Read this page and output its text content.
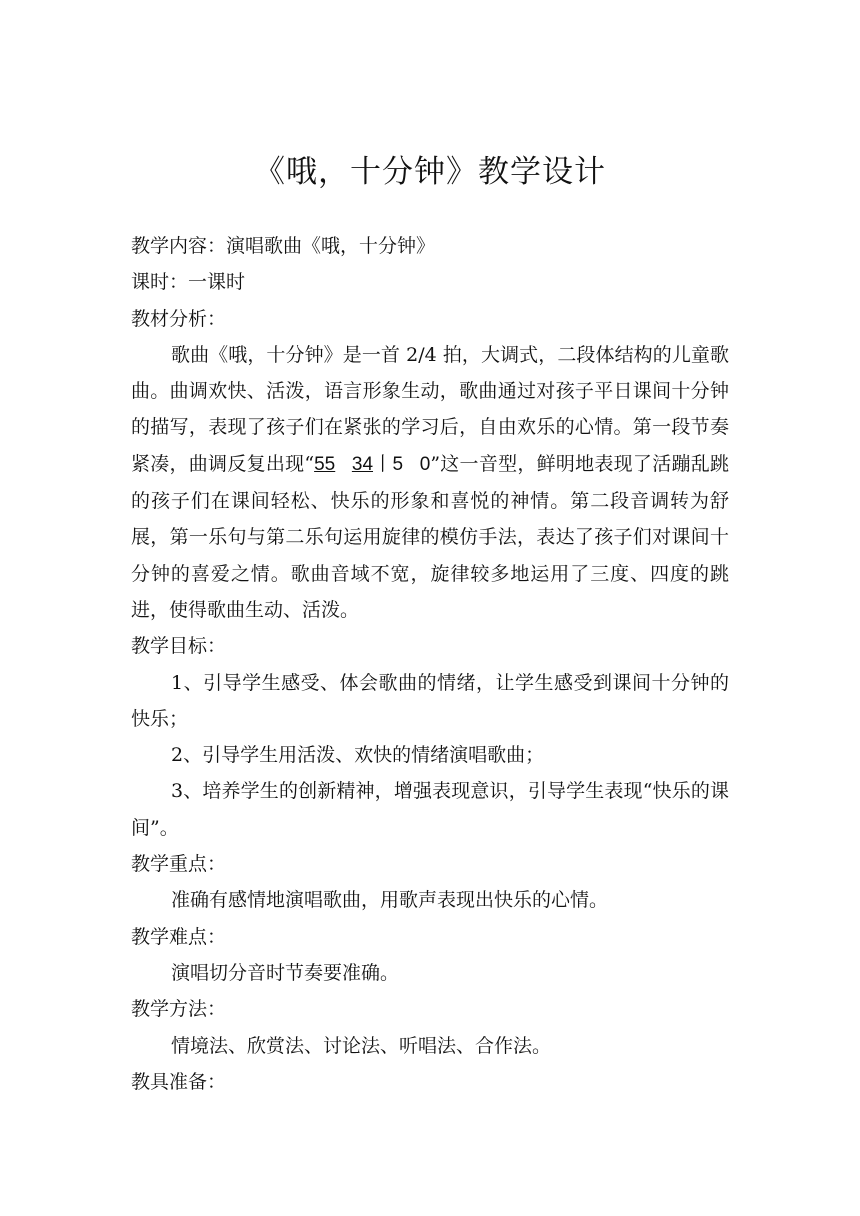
《哦，十分钟》教学设计

教学内容：演唱歌曲《哦，十分钟》

课时：一课时

教材分析：

歌曲《哦，十分钟》是一首 2/4 拍，大调式，二段体结构的儿童歌曲。曲调欢快、活泼，语言形象生动，歌曲通过对孩子平日课间十分钟的描写，表现了孩子们在紧张的学习后，自由欢乐的心情。第一段节奏紧凑，曲调反复出现“55 34丨5   0”这一音型，鲜明地表现了活蹦乱跳的孩子们在课间轻松、快乐的形象和喜悦的神情。第二段音调转为舒展，第一乐句与第二乐句运用旋律的模仿手法，表达了孩子们对课间十分钟的喜爱之情。歌曲音域不宽，旋律较多地运用了三度、四度的跳进，使得歌曲生动、活泼。

教学目标：

1、引导学生感受、体会歌曲的情绪，让学生感受到课间十分钟的快乐；

2、引导学生用活泼、欢快的情绪演唱歌曲；

3、培养学生的创新精神，增强表现意识，引导学生表现“快乐的课间”。

教学重点：

准确有感情地演唱歌曲，用歌声表现出快乐的心情。

教学难点：

演唱切分音时节奏要准确。

教学方法：

情境法、欣赏法、讨论法、听唱法、合作法。

教具准备：
